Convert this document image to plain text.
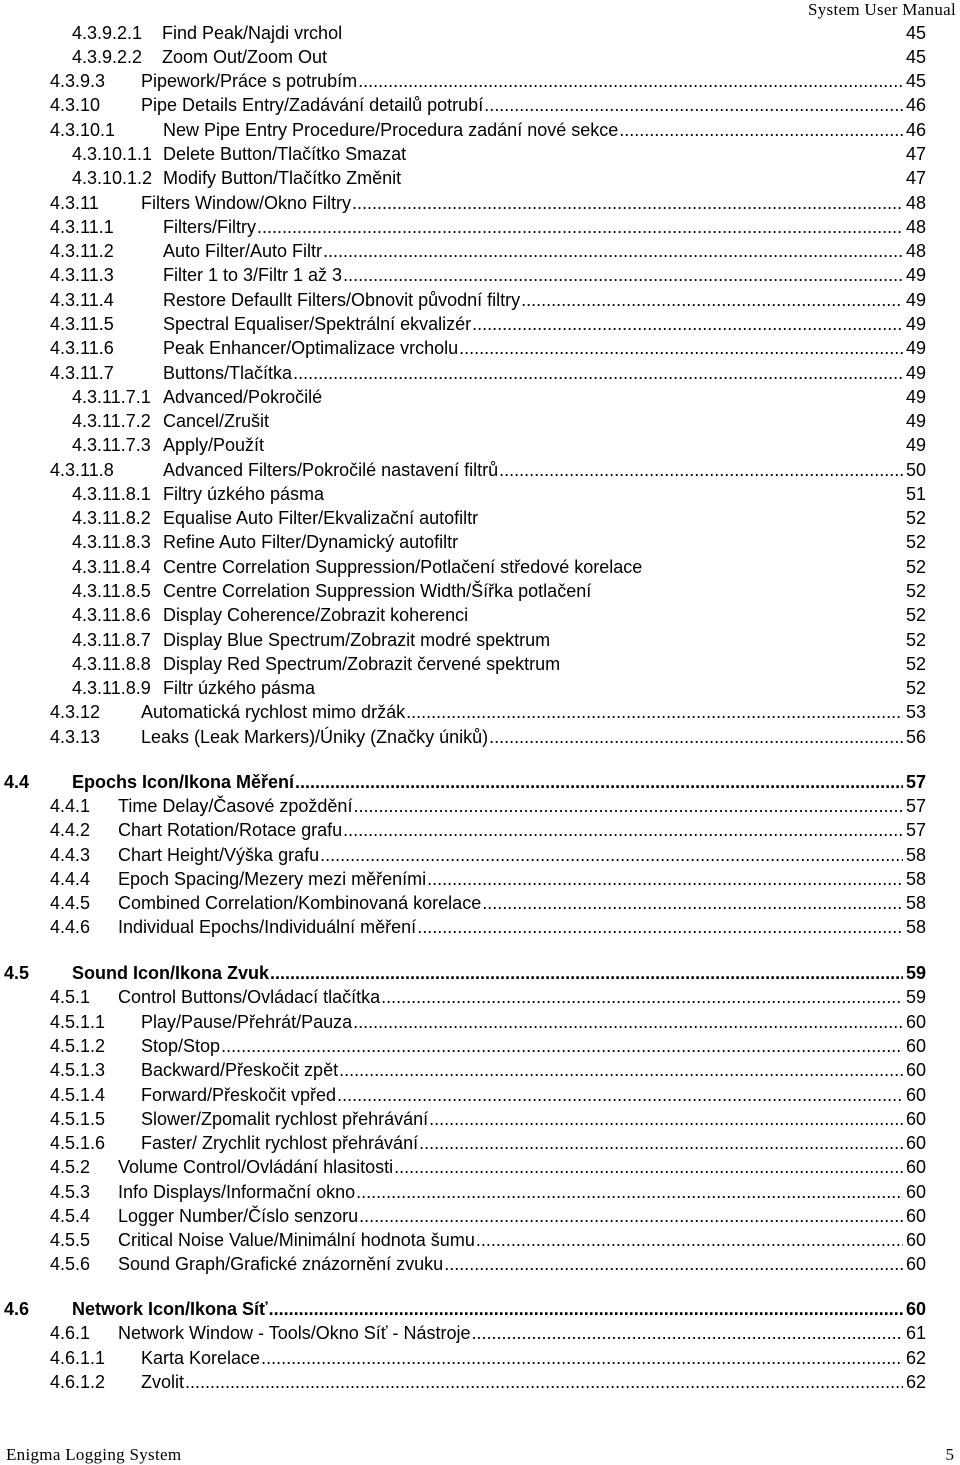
System User Manual
4.3.9.2.1 Find Peak/Najdi vrchol	45
4.3.9.2.2 Zoom Out/Zoom Out	45
4.3.9.3 Pipework/Práce s potrubím .....	45
4.3.10 Pipe Details Entry/Zadávání detailů potrubí .....	46
4.3.10.1	New Pipe Entry Procedure/Procedura zadání nové sekce .....	46
4.3.10.1.1 Delete Button/Tlačítko Smazat	47
4.3.10.1.2 Modify Button/Tlačítko Změnit	47
4.3.11 Filters Window/Okno Filtry .....	48
4.3.11.1	Filters/Filtry .....	48
4.3.11.2	Auto Filter/Auto Filtr .....	48
4.3.11.3	Filter 1 to 3/Filtr 1 až 3 .....	49
4.3.11.4	Restore Defaullt Filters/Obnovit původní filtry .....	49
4.3.11.5	Spectral Equaliser/Spektrální ekvalizér .....	49
4.3.11.6	Peak Enhancer/Optimalizace vrcholu .....	49
4.3.11.7	Buttons/Tlačítka .....	49
4.3.11.7.1 Advanced/Pokročilé	49
4.3.11.7.2 Cancel/Zrušit	49
4.3.11.7.3 Apply/Použít	49
4.3.11.8	Advanced Filters/Pokročilé nastavení filtrů .....	50
4.3.11.8.1 Filtry úzkého pásma	51
4.3.11.8.2 Equalise Auto Filter/Ekvalizační autofiltr	52
4.3.11.8.3 Refine Auto Filter/Dynamický autofiltr	52
4.3.11.8.4 Centre Correlation Suppression/Potlačení středové korelace	52
4.3.11.8.5 Centre Correlation Suppression Width/Šířka potlačení	52
4.3.11.8.6 Display Coherence/Zobrazit koherenci	52
4.3.11.8.7 Display Blue Spectrum/Zobrazit modré spektrum	52
4.3.11.8.8 Display Red Spectrum/Zobrazit červené spektrum	52
4.3.11.8.9 Filtr úzkého pásma	52
4.3.12 Automatická rychlost mimo držák .....	53
4.3.13 Leaks (Leak Markers)/Úniky (Značky úniků) .....	56
4.4 Epochs Icon/Ikona Měření .....	57
4.4.1 Time Delay/Časové zpoždění .....	57
4.4.2 Chart Rotation/Rotace grafu .....	57
4.4.3 Chart Height/Výška grafu .....	58
4.4.4 Epoch Spacing/Mezery mezi měřeními .....	58
4.4.5 Combined Correlation/Kombinovaná korelace .....	58
4.4.6 Individual Epochs/Individuální měření .....	58
4.5 Sound Icon/Ikona Zvuk .....	59
4.5.1 Control Buttons/Ovládací tlačítka .....	59
4.5.1.1 Play/Pause/Přehrát/Pauza .....	60
4.5.1.2 Stop/Stop .....	60
4.5.1.3 Backward/Přeskočit zpět .....	60
4.5.1.4 Forward/Přeskočit vpřed .....	60
4.5.1.5 Slower/Zpomalit rychlost přehrávání .....	60
4.5.1.6 Faster/ Zrychlit rychlost přehrávání .....	60
4.5.2 Volume Control/Ovládání hlasitosti .....	60
4.5.3 Info Displays/Informační okno .....	60
4.5.4 Logger Number/Číslo senzoru .....	60
4.5.5 Critical Noise Value/Minimální hodnota šumu .....	60
4.5.6 Sound Graph/Grafické znázornění zvuku .....	60
4.6 Network Icon/Ikona Síť .....	60
4.6.1 Network Window - Tools/Okno Síť - Nástroje .....	61
4.6.1.1 Karta Korelace .....	62
4.6.1.2 Zvolit .....	62
Enigma Logging System	5
